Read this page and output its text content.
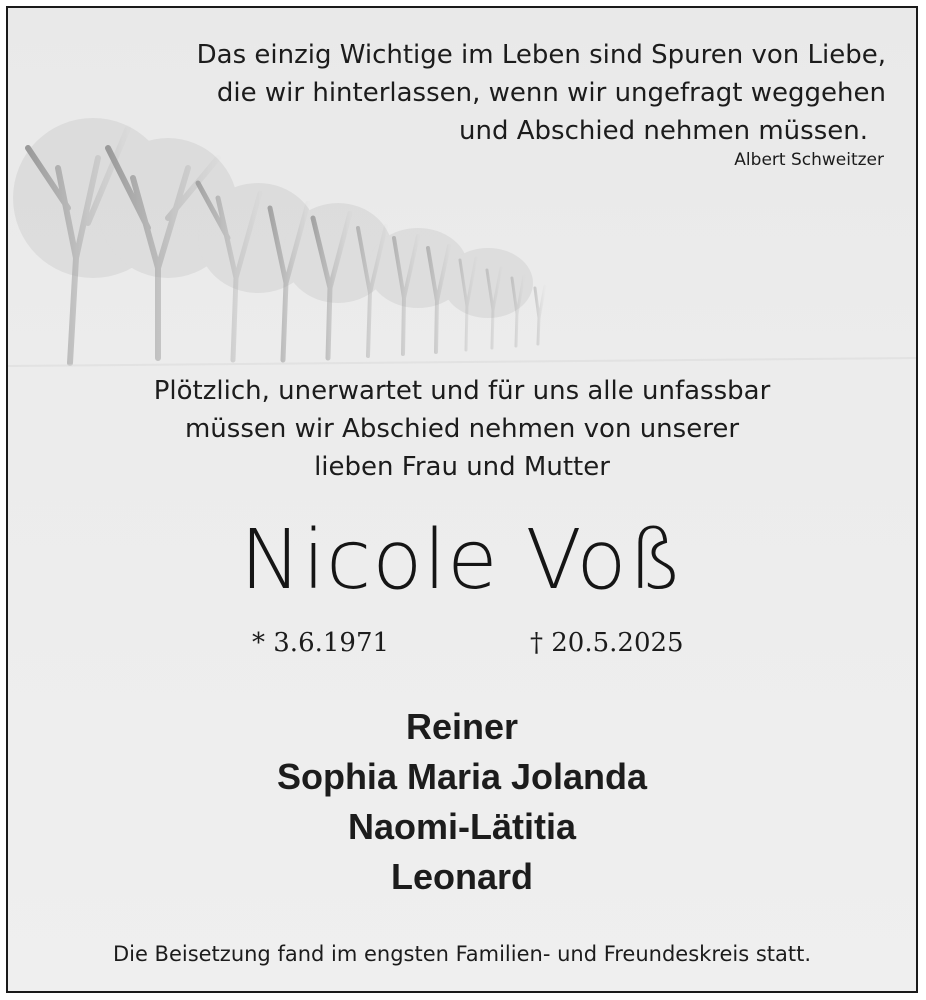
Das einzig Wichtige im Leben sind Spuren von Liebe,
die wir hinterlassen, wenn wir ungefragt weggehen
und Abschied nehmen müssen.
Albert Schweitzer
Plötzlich, unerwartet und für uns alle unfassbar
müssen wir Abschied nehmen von unserer
lieben Frau und Mutter
Nicole Voß
* 3.6.1971	† 20.5.2025
Reiner
Sophia Maria Jolanda
Naomi-Lätitia
Leonard
Die Beisetzung fand im engsten Familien- und Freundeskreis statt.
